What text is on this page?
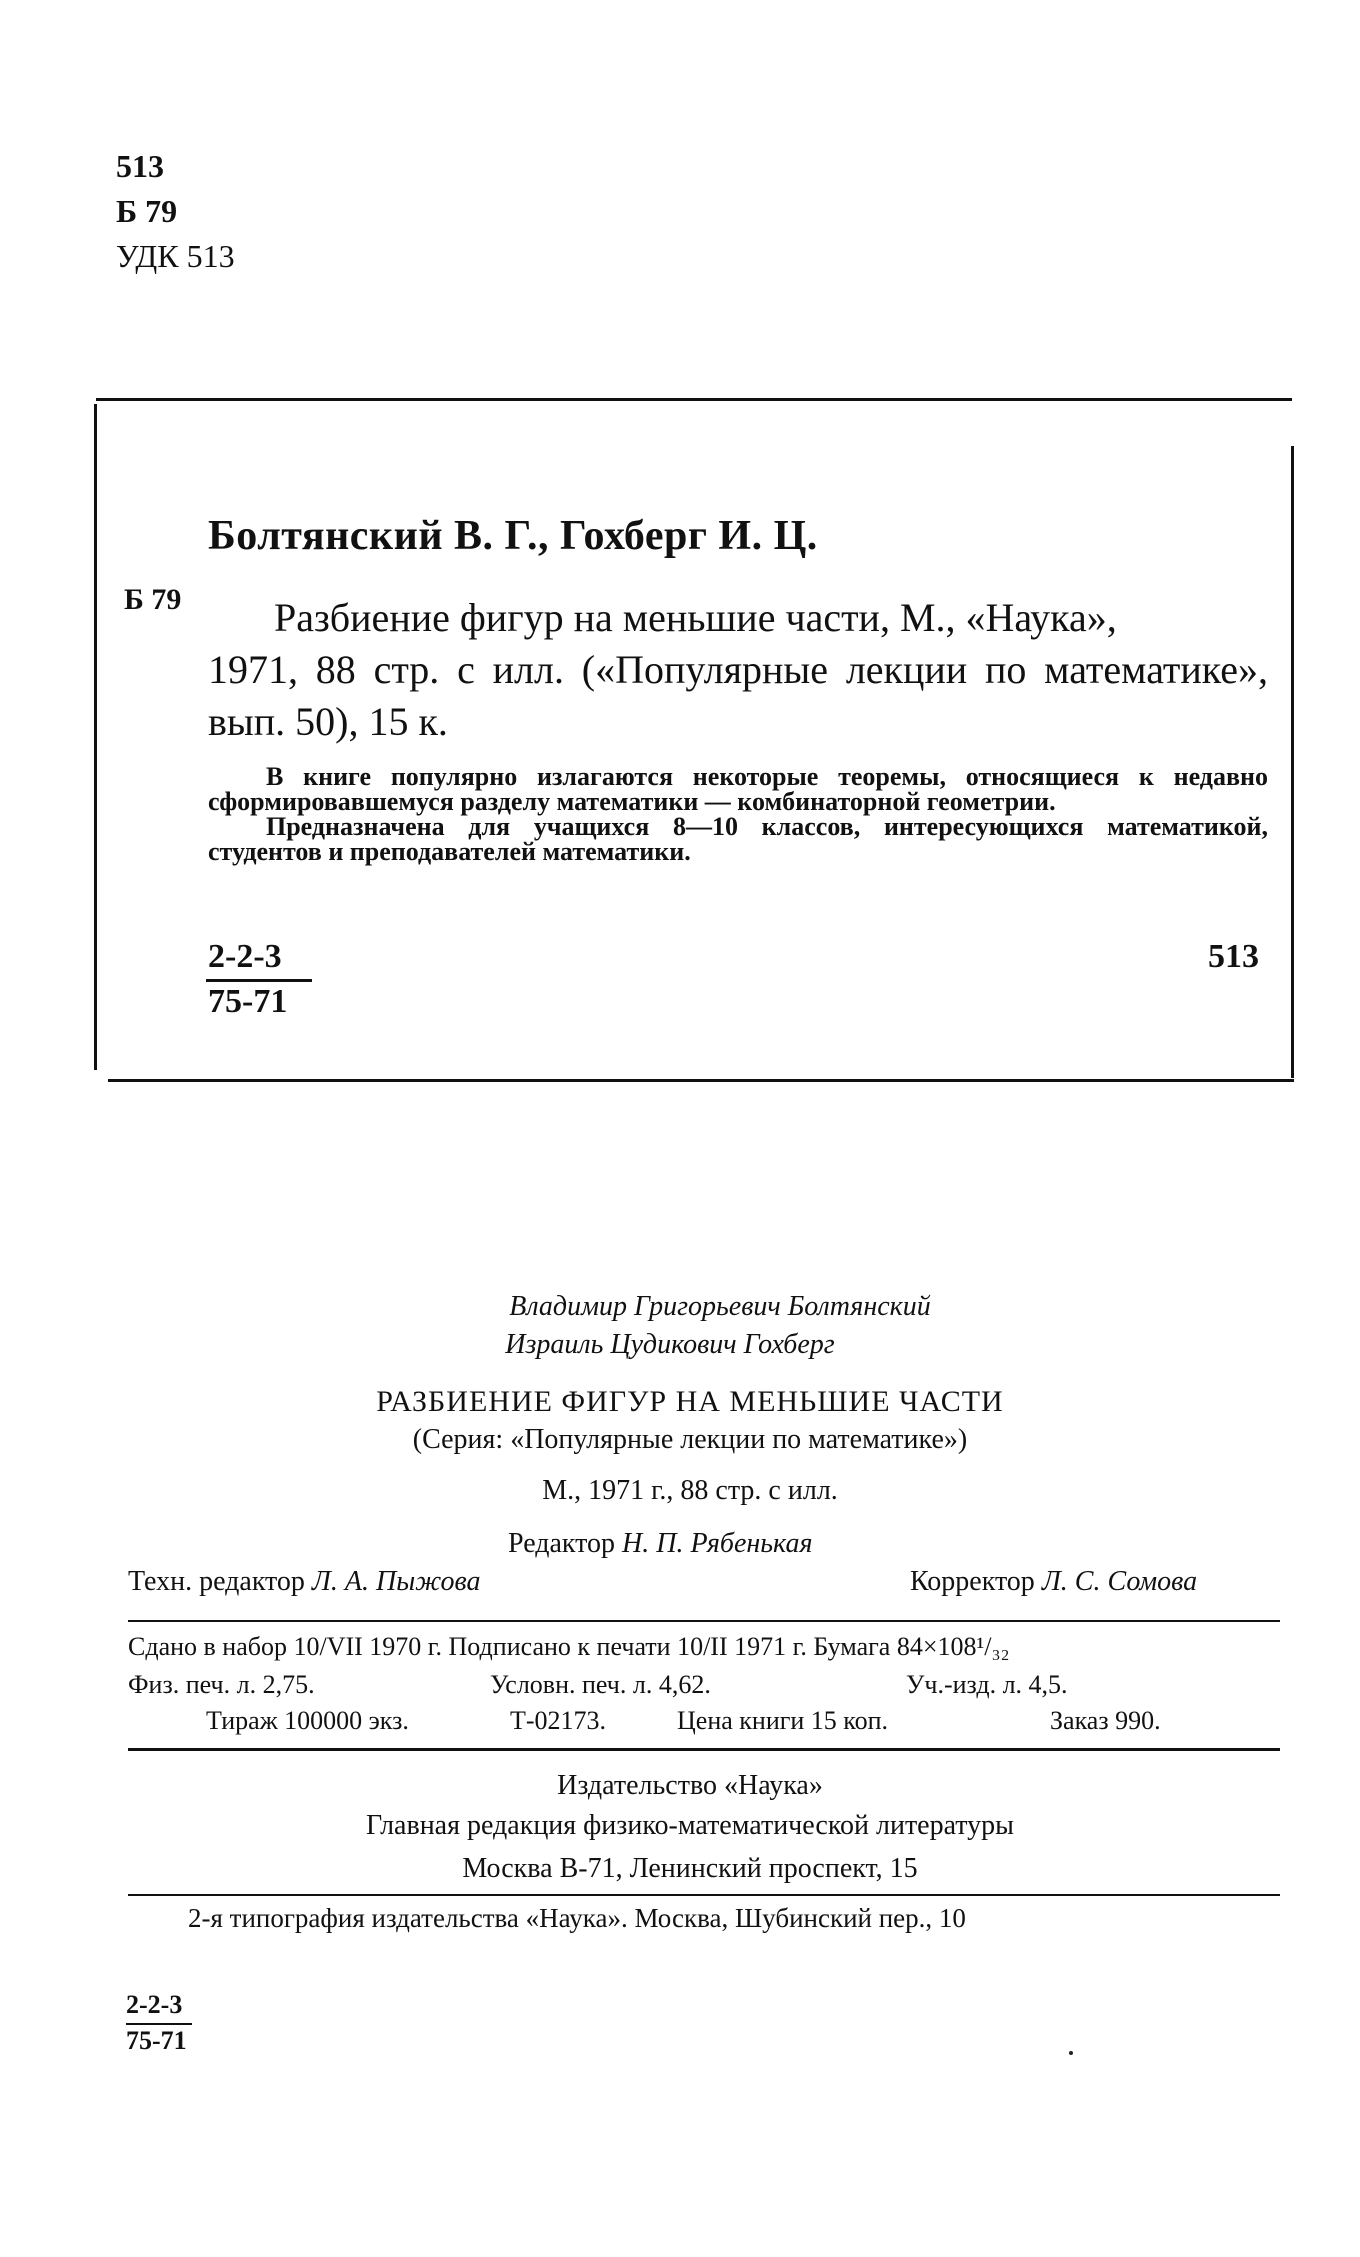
513
Б 79
УДК 513
Болтянский В. Г., Гохберг И. Ц.
Б 79	Разбиение фигур на меньшие части, М., «Наука»,

1971, 88 стр. с илл. («Популярные лекции по математике», вып. 50), 15 к.

В книге популярно излагаются некоторые теоремы, относящиеся к недавно сформировавшемуся разделу математики — комбинаторной геометрии.

Предназначена для учащихся 8—10 классов, интересующихся математикой, студентов и преподавателей математики.

2-2-3
75-71
513
Владимир Григорьевич Болтянский
Израиль Цудикович Гохберг
РАЗБИЕНИЕ ФИГУР НА МЕНЬШИЕ ЧАСТИ
(Серия: «Популярные лекции по математике»)
М., 1971 г., 88 стр. с илл.
Редактор Н. П. Рябенькая
Техн. редактор Л. А. Пыжова	Корректор Л. С. Сомова
Сдано в набор 10/VII 1970 г. Подписано к печати 10/II 1971 г. Бумага 84×108¹/₃₂
Физ. печ. л. 2,75.	Условн. печ. л. 4,62.	Уч.-изд. л. 4,5.
Тираж 100000 экз.	Т-02173.	Цена книги 15 коп.	Заказ 990.
Издательство «Наука»
Главная редакция физико-математической литературы
Москва В-71, Ленинский проспект, 15
2-я типография издательства «Наука». Москва, Шубинский пер., 10
2-2-3
75-71
